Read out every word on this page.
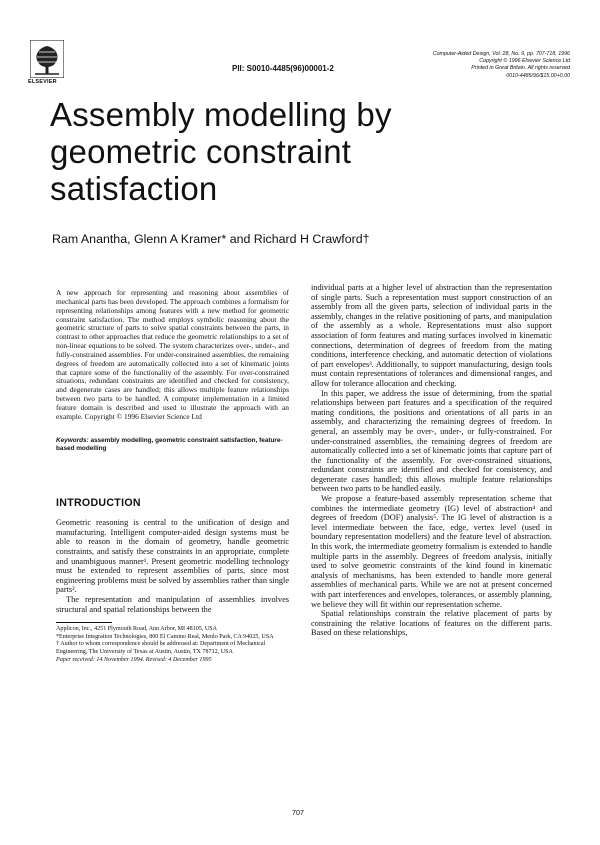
ELSEVIER
PII: S0010-4485(96)00001-2
Computer-Aided Design, Vol. 28, No. 9, pp. 707-718, 1996
Copyright © 1996 Elsevier Science Ltd
Printed in Great Britain. All rights reserved
0010-4485/96/$15.00+0.00
Assembly modelling by
geometric constraint
satisfaction
Ram Anantha, Glenn A Kramer* and Richard H Crawford†

A new approach for representing and reasoning about assemblies of mechanical parts has been developed. The approach combines a formalism for representing relationships among features with a new method for geometric constraint satisfaction. The method employs symbolic reasoning about the geometric structure of parts to solve spatial constraints between the parts, in contrast to other approaches that reduce the geometric relationships to a set of non-linear equations to be solved. The system characterizes over-, under-, and fully-constrained assemblies. For under-constrained assemblies, the remaining degrees of freedom are automatically collected into a set of kinematic joints that capture some of the functionality of the assembly. For over-constrained situations, redundant constraints are identified and checked for consistency, and degenerate cases are handled; this allows multiple feature relationships between two parts to be handled. A computer implementation in a limited feature domain is described and used to illustrate the approach with an example. Copyright © 1996 Elsevier Science Ltd

Keywords: assembly modelling, geometric constraint satisfaction, feature-based modelling

INTRODUCTION

Geometric reasoning is central to the unification of design and manufacturing. Intelligent computer-aided design systems must be able to reason in the domain of geometry, handle geometric constraints, and satisfy these constraints in an appropriate, complete and unambiguous manner¹. Present geometric modelling technology must be extended to represent assemblies of parts, since most engineering problems must be solved by assemblies rather than single parts².

The representation and manipulation of assemblies involves structural and spatial relationships between the

Applicon, Inc., 4251 Plymouth Road, Ann Arbor, MI 48105, USA

*Enterprise Integration Technologies, 800 El Camino Real, Menlo Park, CA 94025, USA

† Author to whom correspondence should be addressed at: Department of Mechanical Engineering, The University of Texas at Austin, Austin, TX 78712, USA

Paper received: 14 November 1994. Revised: 4 December 1995

individual parts at a higher level of abstraction than the representation of single parts. Such a representation must support construction of an assembly from all the given parts, selection of individual parts in the assembly, changes in the relative positioning of parts, and manipulation of the assembly as a whole. Representations must also support association of form features and mating surfaces involved in kinematic connections, determination of degrees of freedom from the mating conditions, interference checking, and automatic detection of violations of part envelopes³. Additionally, to support manufacturing, design tools must contain representations of tolerances and dimensional ranges, and allow for tolerance allocation and checking.

In this paper, we address the issue of determining, from the spatial relationships between part features and a specification of the required mating conditions, the positions and orientations of all parts in an assembly, and characterizing the remaining degrees of freedom. In general, an assembly may be over-, under-, or fully-constrained. For under-constrained assemblies, the remaining degrees of freedom are automatically collected into a set of kinematic joints that capture part of the functionality of the assembly. For over-constrained situations, redundant constraints are identified and checked for consistency, and degenerate cases handled; this allows multiple feature relationships between two parts to be handled easily.

We propose a feature-based assembly representation scheme that combines the intermediate geometry (IG) level of abstraction⁴ and degrees of freedom (DOF) analysis⁵. The IG level of abstraction is a level intermediate between the face, edge, vertex level (used in boundary representation modellers) and the feature level of abstraction. In this work, the intermediate geometry formalism is extended to handle multiple parts in the assembly. Degrees of freedom analysis, initially used to solve geometric constraints of the kind found in kinematic analysis of mechanisms, has been extended to handle more general assemblies of mechanical parts. While we are not at present concerned with part interferences and envelopes, tolerances, or assembly planning, we believe they will fit within our representation scheme.

Spatial relationships constrain the relative placement of parts by constraining the relative locations of features on the different parts. Based on these relationships,

707
